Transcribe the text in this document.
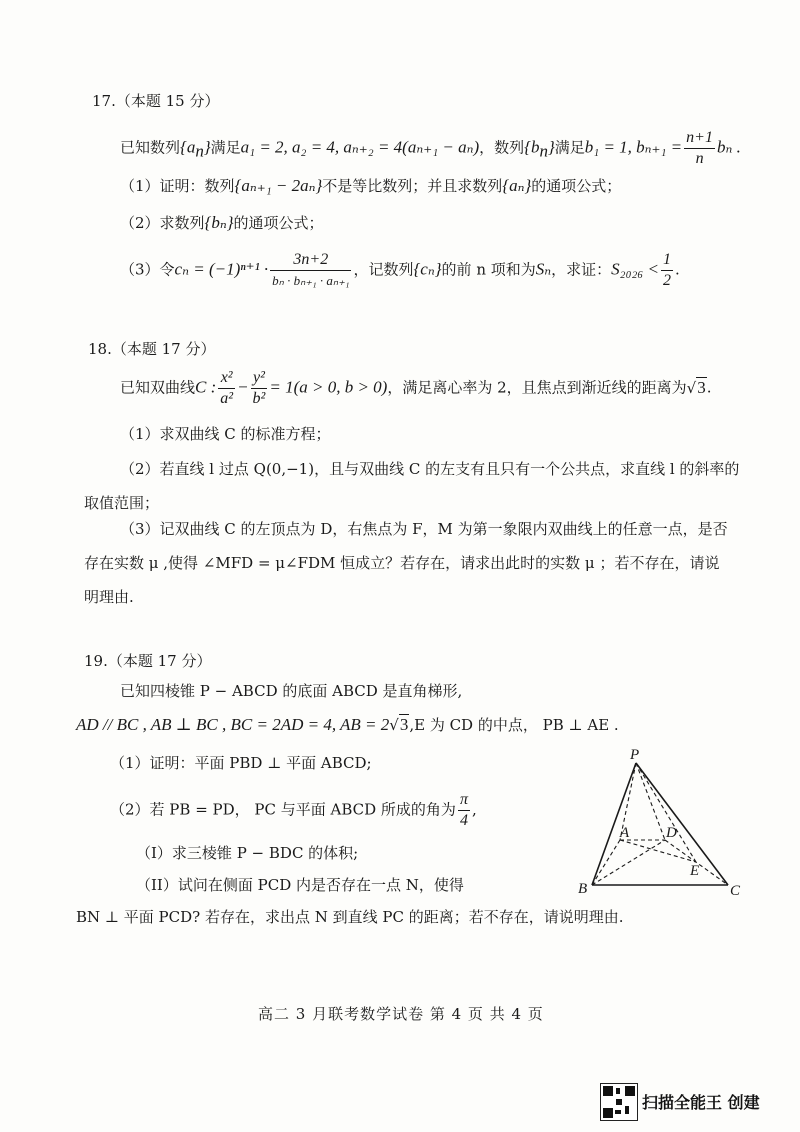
17.（本题 15 分）
已知数列$\{a_n\}$满足a₁ = 2, a₂ = 4, aₙ₊₂ = 4(aₙ₊₁ − aₙ)，数列$\{b_n\}$满足b₁ = 1, $b_{n+1} = \frac{n+1}{n}$ bₙ .
（1）证明：数列{aₙ₊₁ − 2aₙ}不是等比数列；并且求数列{aₙ}的通项公式；
（2）求数列{bₙ}的通项公式；
（3）令$c_n = (-1)^{n+1} \cdot \frac{3n+2}{\text{bₙ · bₙ₊₁ · aₙ₊₁}}$ ，记数列{cₙ}的前 n 项和为Sₙ，求证：$S_{2026} < \frac{1}{2}$ .
18.（本题 17 分）
已知双曲线C : $\frac{\text{x²}}{\text{a²}} - \frac{\text{y²}}{\text{b²}} = 1(a > 0$, b > 0)，满足离心率为 2，且焦点到渐近线的距离为√3.
（1）求双曲线 C 的标准方程；
（2）若直线 l 过点 Q(0,−1)，且与双曲线 C 的左支有且只有一个公共点，求直线 l 的斜率的
取值范围；
（3）记双曲线 C 的左顶点为 D，右焦点为 F，M 为第一象限内双曲线上的任意一点，是否
存在实数 μ ,使得 ∠MFD = μ∠FDM 恒成立？若存在，请求出此时的实数 μ ；若不存在，请说
明理由.
19.（本题 17 分）
已知四棱锥 P − ABCD 的底面 ABCD 是直角梯形,
AD // BC , AB ⊥ BC , BC = 2AD = 4, AB = 2√3,E 为 CD 的中点， PB ⊥ AE .
（1）证明：平面 PBD ⊥ 平面 ABCD;
（2）若 PB = PD， PC 与平面 ABCD 所成的角为 $\frac{\pi}{4}$ ,
（I）求三棱锥 P − BDC 的体积;
（II）试问在侧面 PCD 内是否存在一点 N，使得
BN ⊥ 平面 PCD? 若存在，求出点 N 到直线 PC 的距离；若不存在，请说明理由.
P
A
B	C
D
E
高二 3 月联考数学试卷 第 4 页 共 4 页
扫描全能王 创建
